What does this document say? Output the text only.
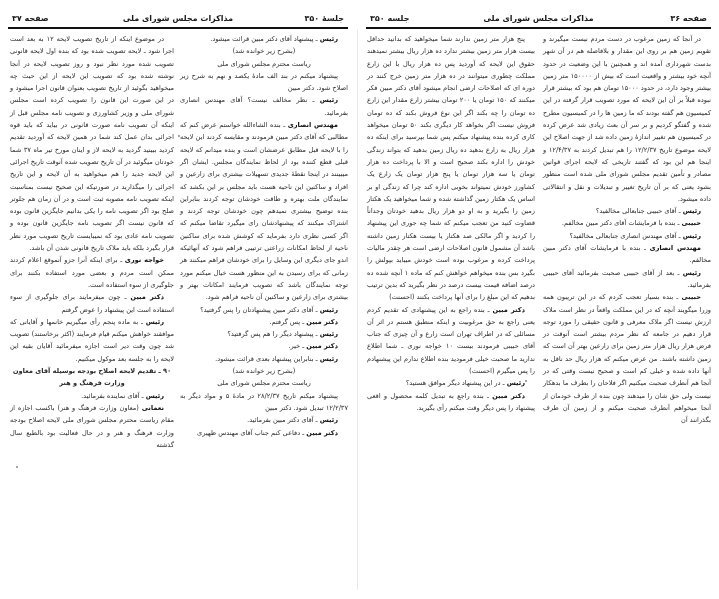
جلسهٔ ۳۵۰
مذاکرات مجلس شورای ملی
صفحه ۳۷

رئیس ـ پیشنهاد آقای دکتر مبین قرائت میشود.

(بشرح زیر خوانده شد)

ریاست محترم مجلس شورای ملی

پیشنهاد میکنم در بند الف مادهٔ یکصد و نهم به شرح زیر اصلاح شود. دکتر مبین

رئیس ـ نظر مخالف نیست؟ آقای مهندس انصاری بفرمائید.

مهندس انصاری ـ بنده الشاءالله خواستم عرض کنم که مطالبی که آقای دکتر مبین فرمودند و مقایسه کردند این لایحه را با لایحه قبل مطابق عرضشان است و بنده میدانم که لایحه قبلی قطع کننده بود از لحاظ نمایندگان مجلس. ایشان اگر میبینند در اینجا نقطهٔ جدیدی تسهیلات بیشتری برای زارعین و افراد و ساکنین این ناحیه هست باید مجلس بر این بکشد که نمایندگان ملت بهتره و طاقت خودشان توجه کردند بنابراین بنده توضیح بیشتری نمیدهم چون خودشان توجه کردند و اشتراک میکنند که پیشنهادشان رای میگیرد تقاضا میکنم که اگر کسی نظری دارد بفرماید که کوشش شده برای ساکنین ناحیه از لحاظ امکانات زراعتی ترتیبی فراهم شود که آنهائیکه اندو جای دیگری این وسایل را برای خودشان فراهم میکنند هر زمانی که برای رسیدن به این منظور هست خیال میکنم مورد توجه نمایندگان باشد که تصویب فرمایند امکانات بهتر و بیشتری برای زارعین و ساکنین آن ناحیه فراهم شود.

رئیس ـ آقای دکتر مبین پیشنهادتان را پس گرفتید؟

دکتر مبین ـ پس گرفتم.

رئیس ـ پیشنهاد دیگر را هم پس گرفتید؟

دکتر مبین ـ خیر.

رئیس ـ بنابراین پیشنهاد بعدی قرائت میشود.

(بشرح زیر خوانده شد)

ریاست محترم مجلس شورای ملی

پیشنهاد میکنم تاریخ ۲۸/۲/۳۷ در مادهٔ ۵ و مواد دیگر به ۱۲/۲/۳۷ تبدیل شود. دکتر مبین

رئیس ـ آقای دکتر مبین بفرمائید.

دکتر مبین ـ دفاعی کنم جناب آقای مهندس ظهیری

در موضوع اینکه از تاریخ تصویب لایحه ۱۲ به بعد است اجرا شود ـ لایحه تصویب شده بود که بنده اول لایحه قانونی تصویب شده مورد نظر نبود و روز تصویب لایحه در آنجا نوشته شده بود که تصویب این لایحه از این حیث چه میخواهید بگوئید از تاریخ تصویب بعنوان قانون اجرا میشود و در این صورت این قانون را تصویب کرده است مجلس شورای ملی و وزیر کشاورزی و تصویب نامه مجلس قبل از اینکه آن تصویب نامه صورت قانونی در بیاید که باید قوه اجرائی بدان عمل کند شما در همین لایحه که آوردید تقدیم کردید ببینید گردید به لایحه لاز و اینان مورخ تیر ماه ۳۷ شما خودتان میگوئید در آن تاریخ تصویب شده آنوقت تاریخ اجرائی این لایحه جدید را هم میخواهید به آن لایحه و این تاریخ اجرائی را میگذارید در صورتیکه این صحیح نیست بمناسبت اینکه تصویب نامه مصوبه ثبت است و در آن زمان هم جلوتر صلح بود اگر تصویب نامه را یکی بدانیم جایگزین قانون بوده که قانون نیست اگر تصویب نامه جایگزین قانون بوده و تصویب نامه عادی بود که نمیبایست تاریخ تصویب مورد نظر قرار بگیرد بلکه باید ملاک تاریخ قانونی شدن آن باشد.

خواجه نوری ـ برای اینکه آنرا جزو آنموقع اعلام کردند ممکن است مردم و بعضی مورد استفاده بکنند برای جلوگیری از سوء استفاده است.

دکتر مبین ـ چون میفرمایند برای جلوگیری از سوء استفاده است این پیشنهاد را عوض گرفتم

رئیس ـ به ماده پنجم رأی میگیریم خانمها و آقایانی که موافقند خواهش میکنم قیام فرمایند (اکثر برخاستند) تصویب شد چون وقت دیر است اجازه میفرمائید آقایان بقیه این لایحه را به جلسه بعد موکول میکنیم.

۹۰ ـ تقدیم لایحه اصلاح بودجه بوسیله آقای معاون وزارت فرهنگ و هنر

رئیس ـ آقای نماینده بفرمائید.

نعمانی (معاون وزارت فرهنگ و هنر) باکسب اجازه از مقام ریاست محترم مجلس شورای ملی لایحه اصلاح بودجه وزارت فرهنگ و هنر و در حال فعالیت بود بالطبع سال گذشته

صفحه ۳۶
مذاکرات مجلس شورای ملی
جلسه ۳۵۰

در آنجا که زمین مرغوب در دست مردم نیست میگیرند و تقویم زمین هم بر روی این مقدار و بلافاصله هم در آن شهر بدست شهرداری آمده اند و همچنین با این وضعیت در حدود آنچه خود بیشتر و واقعیت است که بیش از ۱۵۰۰۰۰ متر زمین بیشتر وجود دارد، در حدود ۱۵۰۰۰ تومان هم بود که بیشتر قرار نبوده قبلاً بر آن این لایحه که مورد تصویب قرار گرفته در این کمیسیون هم گفته بودند که ما زمین ها را در کمیسیون مطرح شده و گفتگو کردیم و بر سر آن بعث زیادی شد عرض کرده در کمیسیون هم تغییر اندازهٔ زمین داده شد از جهت اصلاح این لایحه موضوع تاریخ ۱۲/۲/۳۷ را هم تبدیل کردند به ۱۲/۴/۳۷ و اینجا هم این بود که گفتند تاریخی که لایحه اجرای قوانین مصادر و تأمین تقدیم مجلس شورای ملی شده است منظور بشود یعنی که بر آن تاریخ تغییر و تبدیلات و نقل و انتقالاتی داده میشود.

رئیس ـ آقای حبیبی جنابعالی مخالفید؟

حبیبی ـ بنده با فرمایشات آقای دکتر مبین مخالفم.

رئیس ـ آقای مهندس انصاری جنابعالی مخالفید؟

مهندس انصاری ـ بنده با فرمایشات آقای دکتر مبین مخالفم.

رئیس ـ بعد از آقای حبیبی صحبت بفرمائید آقای حبیبی بفرمائید.

حبیبی ـ بنده بسیار تعجب کردم که در این تریبون همه وزرا میگویند آنچه که در این مملکت واقعاً در نظر است ملاک ارزش نیست اگر ملاک معرفی و قانون حقیقی را مورد توجه قرار دهیم در جامعه که نظر مردم بیشتر است آنوقت در فرض هزار ریال هزار متر زمین برای زارعین بهتر آن است که زمین داشته باشند. من عرض میکنم که هزار ریال حد ناقل به آنها داده شده و خیلی کم است و صحیح نیست وقتی که در آنجا هم آنطرف صحبت میکنیم اگر فلاحان را بطرف ما بدهکار نیست ولی حق شان را میدهند چون بنده از طرف خودمان از آنجا میخواهم آنطرف صحبت میکنم و از زمین آن طرف بگذرانند آن

پنج هزار متر زمین ندارند شما میخواهید که بدانید حداقل بیست هزار متر زمین بیشتر ندارد ده هزار ریال بیشتر نمیدهند حقوق این لایحه که آوردید پس ده هزار ریال با این زارع مملکت چطوری میتوانند در ده هزار متر زمین خرج کنند در دوره ای که اصلاحات ارضی انجام میشود آقای دکتر مبین فکر میکنند که ۱۵۰ تومان یا ۲۰۰ تومان بیشتر زارع مقدار این زارع ده تومان را چه بکند اگر این نوع فروش بکند که ده تومان فروش نیست اگر بخواهد کار دیگری بکند ۵۰ تومان میخواهد کاری کرده بنده پیشنهاد میکنم پس شما بپرسید برای اینکه ده هزار ریال به زارع بدهید ده ریال زمین بدهید که بتواند زندگی خودش را اداره بکند صحیح است و الا با پرداخت ده هزار تومان یا سه هزار تومان یا پنج هزار تومان یک زارع یک کشاورز خودش نمیتواند بخوبی اداره کند چرا که زندگی او بر اساس یک هکتار زمین گذاشته شده و شما میخواهید یک هکتار زمین را بگیرید و به او دو هزار ریال بدهید خودتان وجداناً قضاوت کنید من تعجب میکنم که شما چه جوری این پیشنهاد را کردید و اگر مالکی صد هکتار یا بیست هکتار زمین داشته باشد آن مشمول قانون اصلاحات ارضی است هر چقدر مالیات پرداخت کرده و مرغوب بوده است خودش میباید بپولش را بگیرد بس بنده میخواهم خواهش کنم که ماده ۱ آنچه شده ده درصد اضافه قیمت بیست درصد در نظر بگیرید که بدین ترتیب بدهیم که این مبلغ را برای آنها پرداخت بکنند (احسنت)

دکتر مبین ـ بنده راجع به این پیشنهادی که تقدیم کردم یعنی راجع به حق مرغوبیت و اینکه منطبق هستم در اثر آن مسائلی که در اطراف تهران است زارع و آن چیزی که جناب آقای حبیبی فرمودند بیست ۱۰ خواجه نوری ـ شما اطلاع ندارید ما صحبت خیلی فرمودید بنده اطلاع ندارم این پیشنهادم را پس میگیرم (احسنت)

رئیس ـ در این پیشنهاد دیگر موافق هستید؟

دکتر مبین ـ بنده راجع به تبدیل کلمه محصول و اقعی پیشنهاد را پس دیگر وقت میکنم رأی بگیرید.
